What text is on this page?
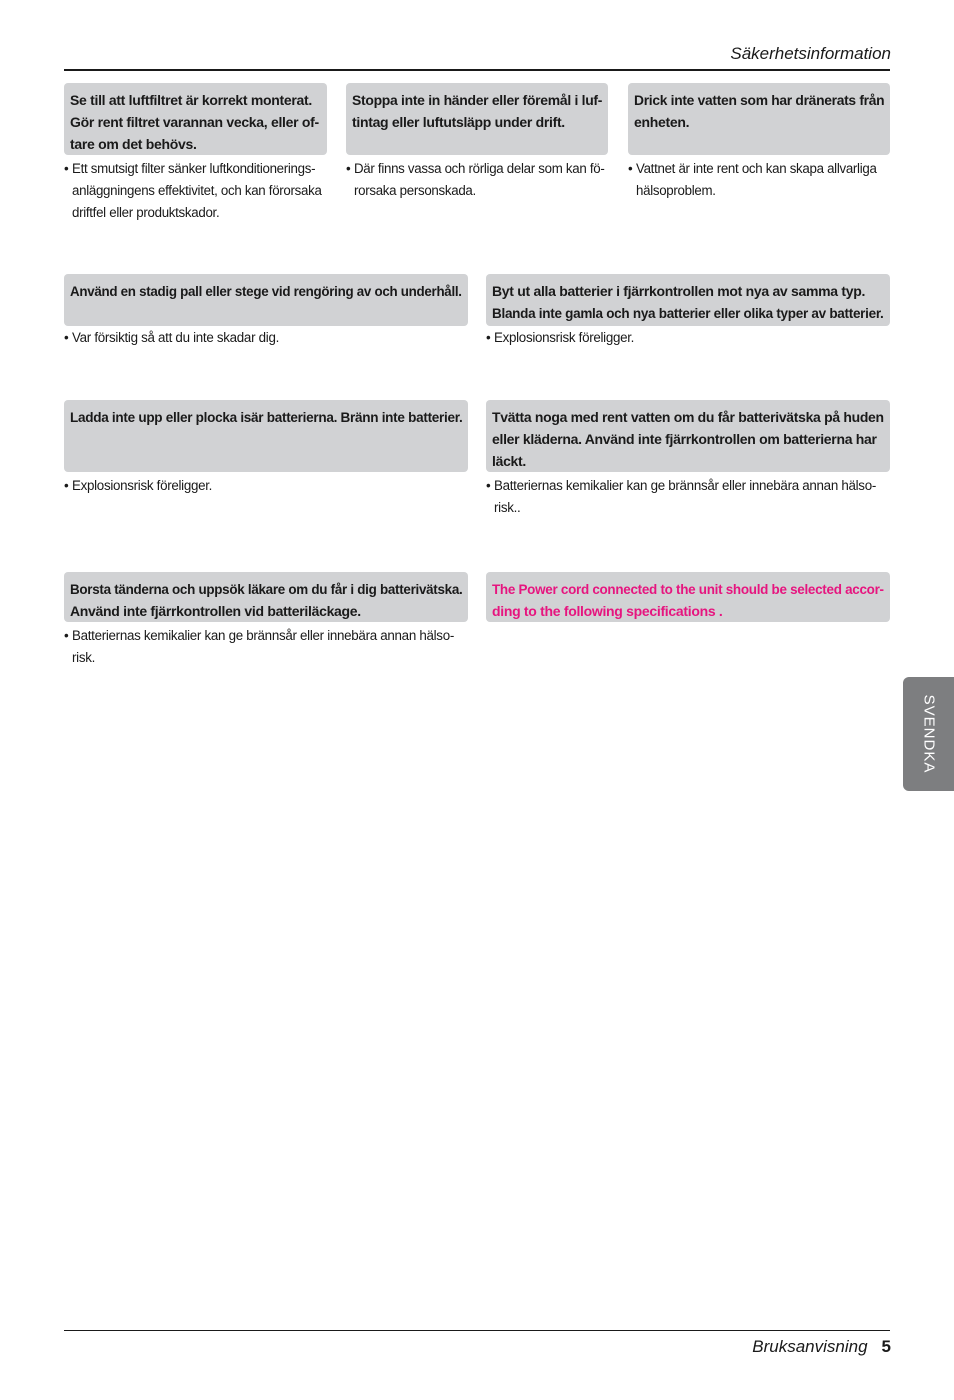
Säkerhetsinformation
Se till att luftfiltret är korrekt monterat.
Gör rent filtret varannan vecka, eller of-
tare om det behövs.
• Ett smutsigt filter sänker luftkonditionerings-
anläggningens effektivitet, och kan förorsaka
driftfel eller produktskador.
Stoppa inte in händer eller föremål i luf-
tintag eller luftutsläpp under drift.
• Där finns vassa och rörliga delar som kan fö-
rorsaka personskada.
Drick inte vatten som har dränerats från
enheten.
• Vattnet är inte rent och kan skapa allvarliga
hälsoproblem.
Använd en stadig pall eller stege vid rengöring av och underhåll.
• Var försiktig så att du inte skadar dig.
Byt ut alla batterier i fjärrkontrollen mot nya av samma typ.
Blanda inte gamla och nya batterier eller olika typer av batterier.
• Explosionsrisk föreligger.
Ladda inte upp eller plocka isär batterierna. Bränn inte batterier.
• Explosionsrisk föreligger.
Tvätta noga med rent vatten om du får batterivätska på huden
eller kläderna. Använd inte fjärrkontrollen om batterierna har
läckt.
• Batteriernas kemikalier kan ge brännsår eller innebära annan hälso-
risk..
Borsta tänderna och uppsök läkare om du får i dig batterivätska.
Använd inte fjärrkontrollen vid batteriläckage.
• Batteriernas kemikalier kan ge brännsår eller innebära annan hälso-
risk.
The Power cord connected to the unit should be selected accor-
ding to the following specifications .
SVENDKA
Bruksanvisning 5
